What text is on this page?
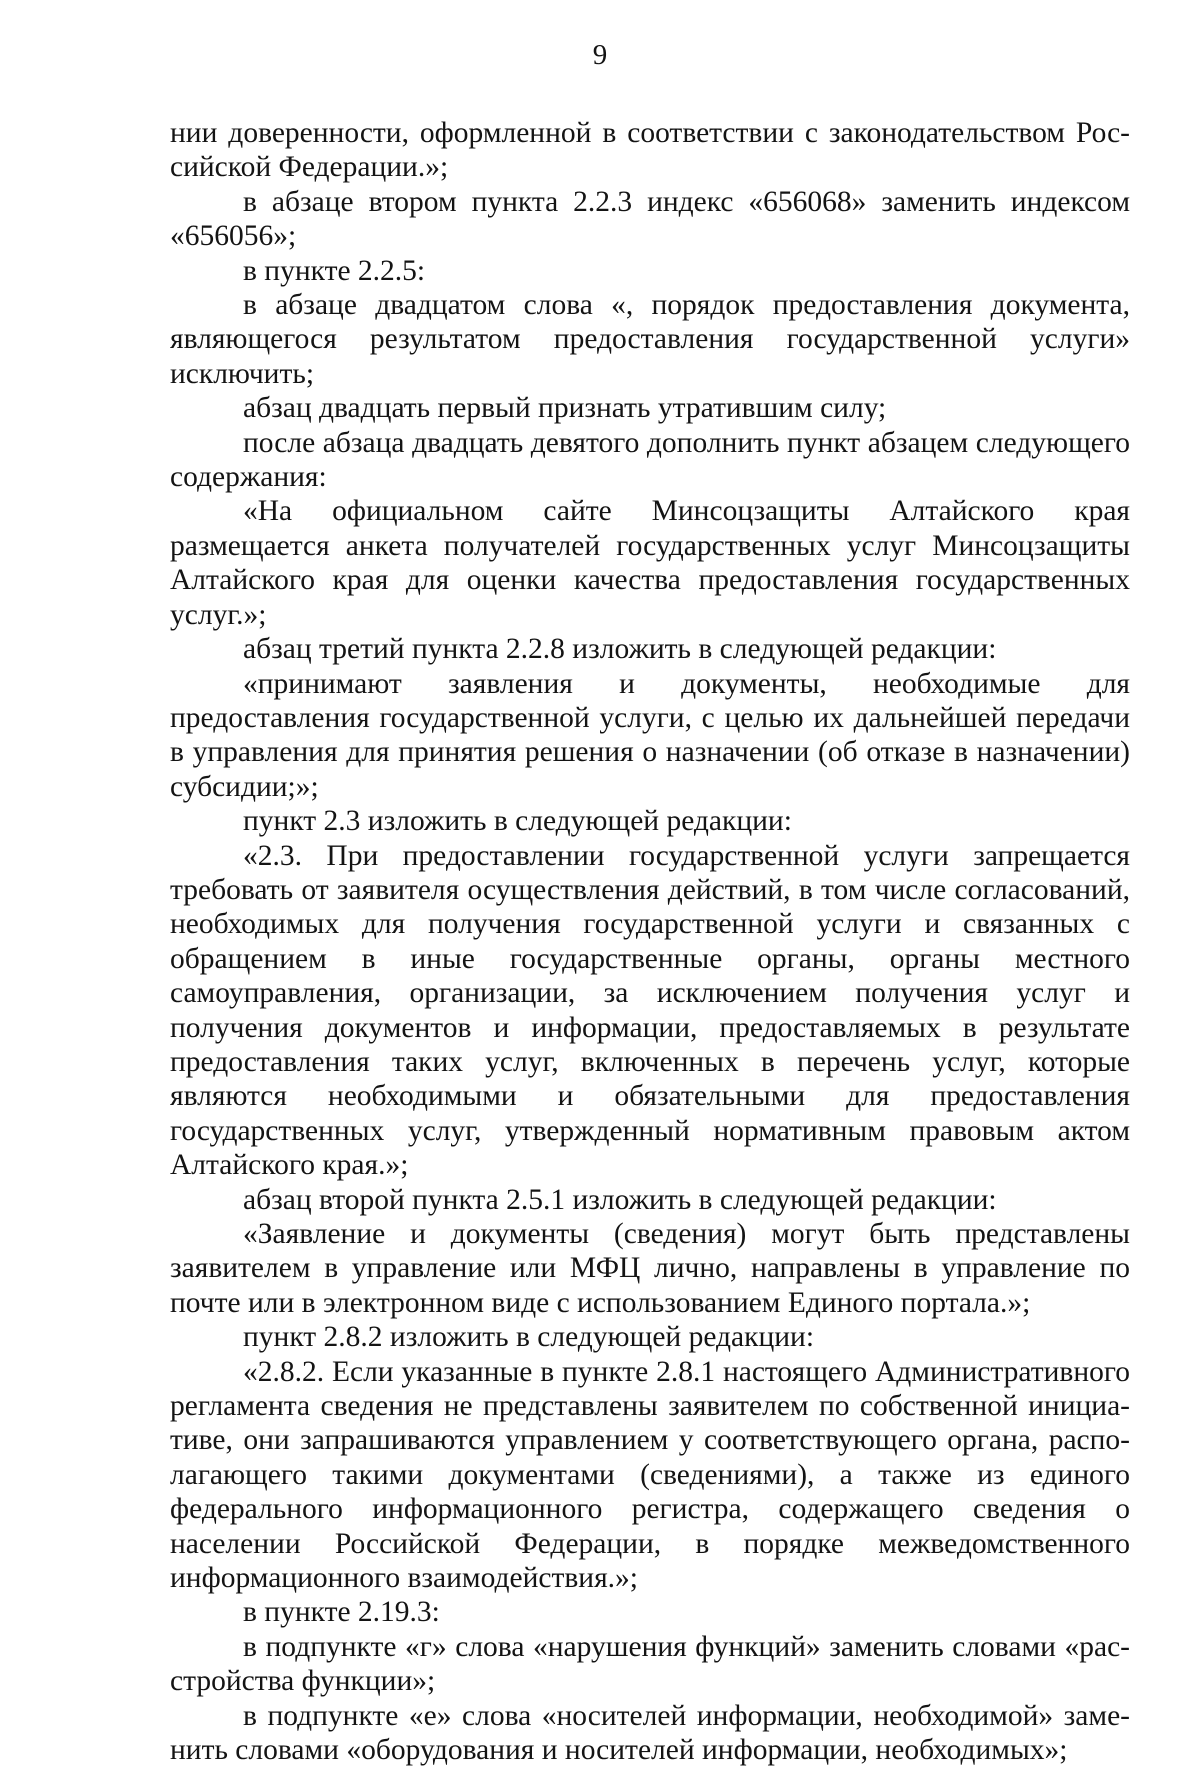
9

нии доверенности, оформленной в соответствии с законодательством Российской Федерации.»;

в абзаце втором пункта 2.2.3 индекс «656068» заменить индексом «656056»;

в пункте 2.2.5:

в абзаце двадцатом слова «, порядок предоставления документа, являющегося результатом предоставления государственной услуги» исключить;

абзац двадцать первый признать утратившим силу;

после абзаца двадцать девятого дополнить пункт абзацем следующего содержания:

«На официальном сайте Минсоцзащиты Алтайского края размещается анкета получателей государственных услуг Минсоцзащиты Алтайского края для оценки качества предоставления государственных услуг.»;

абзац третий пункта 2.2.8 изложить в следующей редакции:

«принимают заявления и документы, необходимые для предоставления государственной услуги, с целью их дальнейшей передачи в управления для принятия решения о назначении (об отказе в назначении) субсидии;»;

пункт 2.3 изложить в следующей редакции:

«2.3. При предоставлении государственной услуги запрещается требовать от заявителя осуществления действий, в том числе согласований, необходимых для получения государственной услуги и связанных с обращением в иные государственные органы, органы местного самоуправления, организации, за исключением получения услуг и получения документов и информации, предоставляемых в результате предоставления таких услуг, включенных в перечень услуг, которые являются необходимыми и обязательными для предоставления государственных услуг, утвержденный нормативным правовым актом Алтайского края.»;

абзац второй пункта 2.5.1 изложить в следующей редакции:

«Заявление и документы (сведения) могут быть представлены заявителем в управление или МФЦ лично, направлены в управление по почте или в электронном виде с использованием Единого портала.»;

пункт 2.8.2 изложить в следующей редакции:

«2.8.2. Если указанные в пункте 2.8.1 настоящего Административного регламента сведения не представлены заявителем по собственной инициативе, они запрашиваются управлением у соответствующего органа, располагающего такими документами (сведениями), а также из единого федерального информационного регистра, содержащего сведения о населении Российской Федерации, в порядке межведомственного информационного взаимодействия.»;

в пункте 2.19.3:

в подпункте «г» слова «нарушения функций» заменить словами «расстройства функции»;

в подпункте «е» слова «носителей информации, необходимой» заменить словами «оборудования и носителей информации, необходимых»;
